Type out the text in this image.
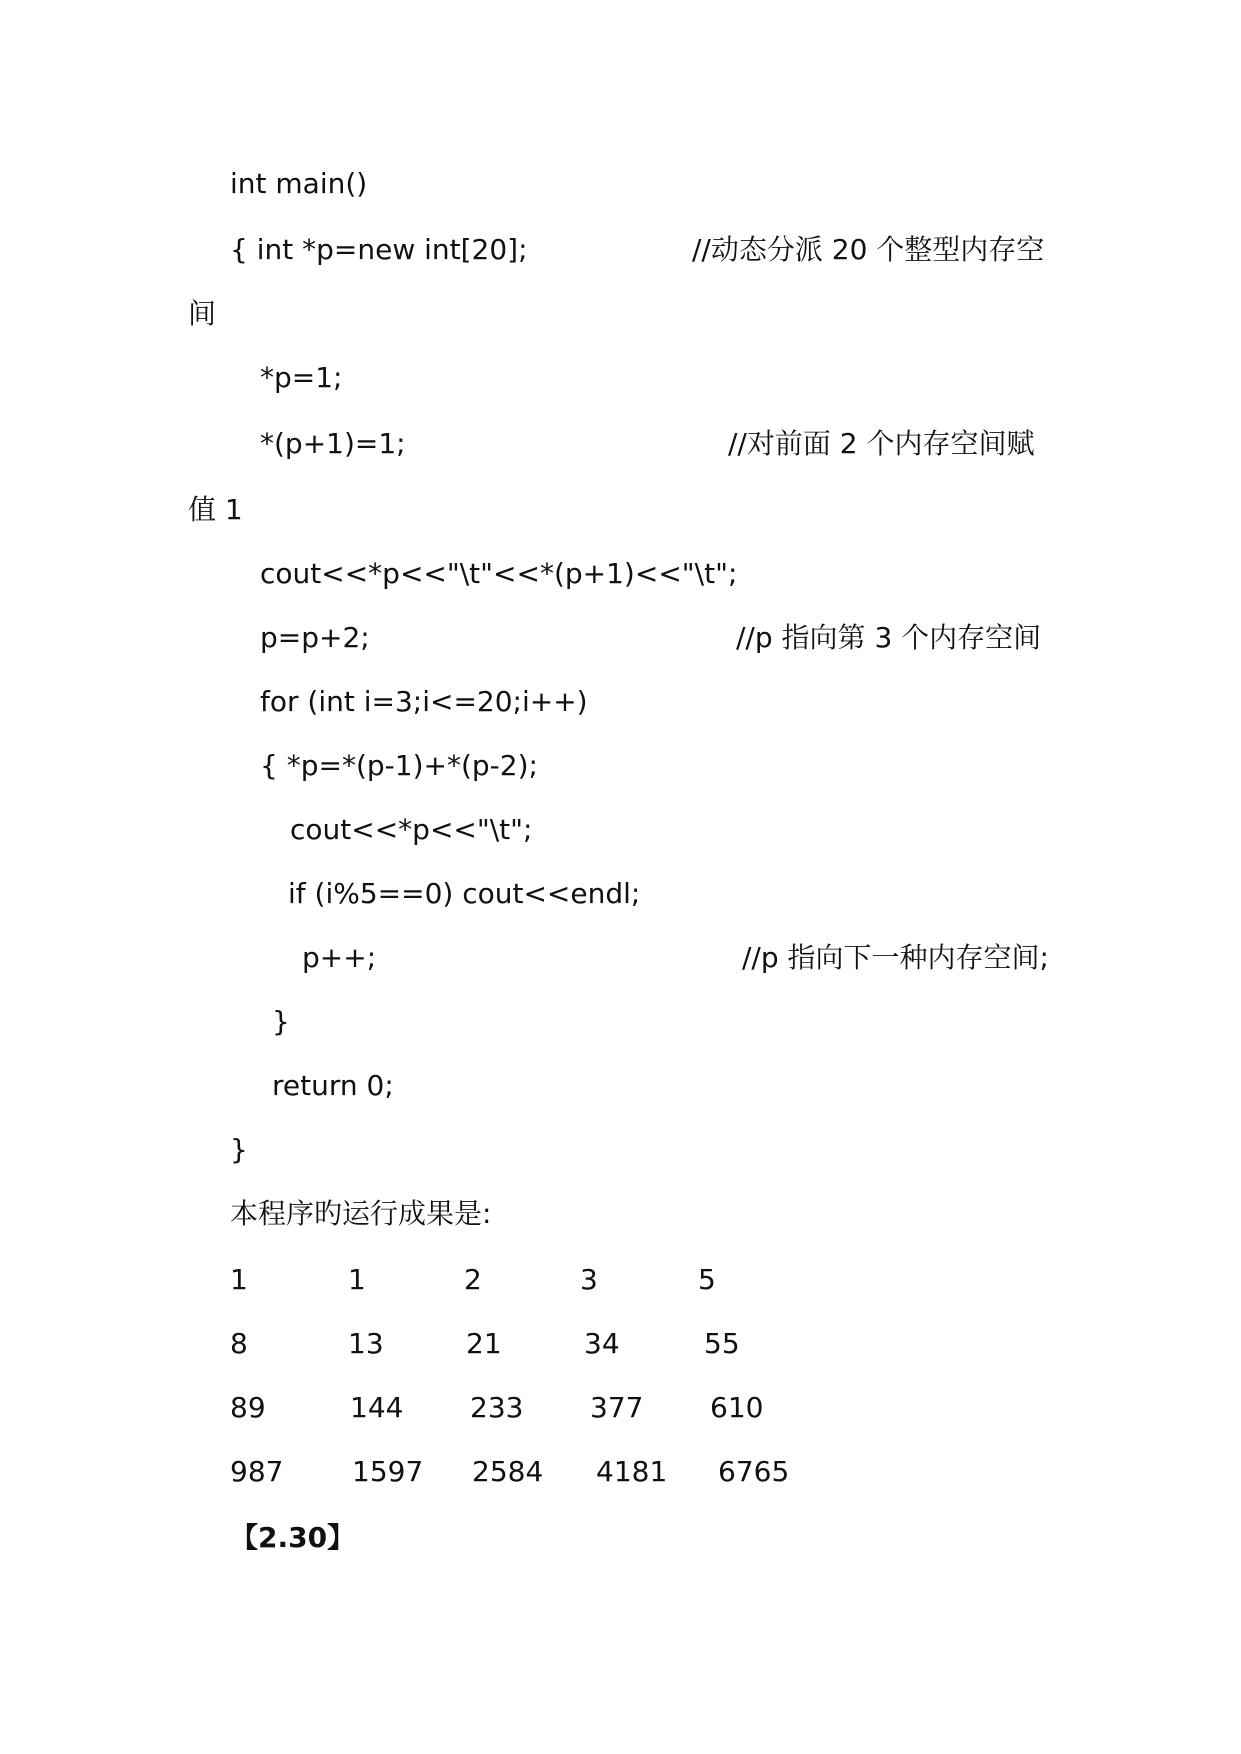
int main()
{ int *p=new int[20];	//动态分派 20 个整型内存空
间
*p=1;
*(p+1)=1;	//对前面 2 个内存空间赋
值 1
cout<<*p<<"\t"<<*(p+1)<<"\t";
p=p+2;	//p 指向第 3 个内存空间
for (int i=3;i<=20;i++)
{ *p=*(p-1)+*(p-2);
cout<<*p<<"\t";
if (i%5==0) cout<<endl;
p++;	//p 指向下一种内存空间;
}
return 0;
}
本程序旳运行成果是:
1	1	2	3	5
8	13	21	34	55
89	144 233 377 610
987 1597 2584 4181 6765
【2.30】
